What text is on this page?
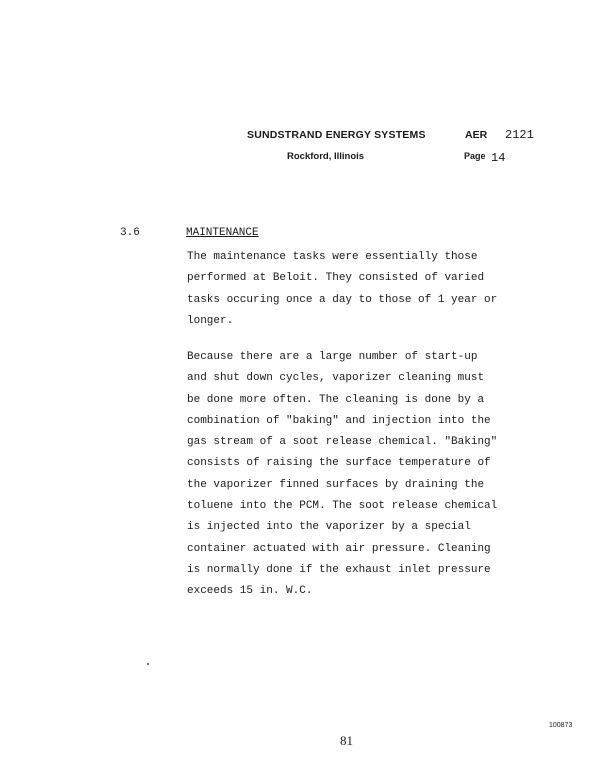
SUNDSTRAND ENERGY SYSTEMS	AER 2121
Rockford, Illinois	Page 14
3.6	MAINTENANCE
The maintenance tasks were essentially those
performed at Beloit. They consisted of varied
tasks occuring once a day to those of 1 year or
longer.
Because there are a large number of start-up
and shut down cycles, vaporizer cleaning must
be done more often. The cleaning is done by a
combination of "baking" and injection into the
gas stream of a soot release chemical. "Baking"
consists of raising the surface temperature of
the vaporizer finned surfaces by draining the
toluene into the PCM. The soot release chemical
is injected into the vaporizer by a special
container actuated with air pressure. Cleaning
is normally done if the exhaust inlet pressure
exceeds 15 in. W.C.
100873
81
